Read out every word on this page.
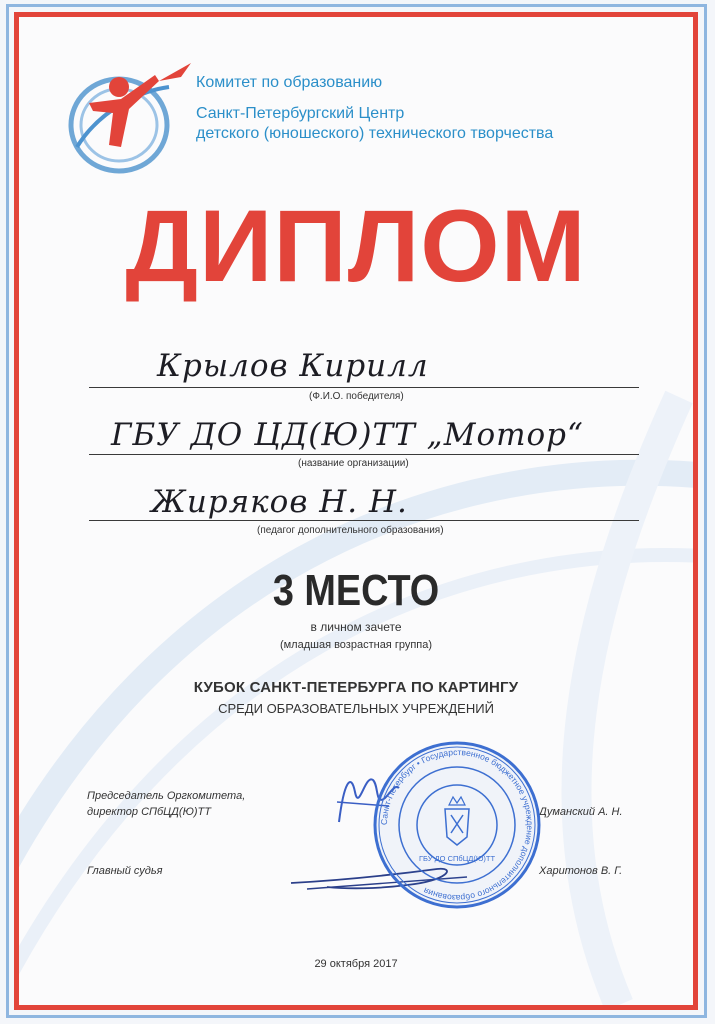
Комитет по образованию
Санкт-Петербургский Центр
детского (юношеского) технического творчества
ДИПЛОМ
Крылов Кирилл
(Ф.И.О. победителя)
ГБУ ДО ЦД(Ю)ТТ „Мотор“
(название организации)
Жиряков Н. Н.
(педагог дополнительного образования)
3 МЕСТО
в личном зачете
(младшая возрастная группа)
КУБОК САНКТ-ПЕТЕРБУРГА ПО КАРТИНГУ
СРЕДИ ОБРАЗОВАТЕЛЬНЫХ УЧРЕЖДЕНИЙ
Председатель Оргкомитета,
директор СПбЦД(Ю)ТТ	Думанский А. Н.
Главный судья	Харитонов В. Г.
Санкт-Петербург • Государственное бюджетное учреждение дополнительного образования
ГБУ ДО СПбЦД(Ю)ТТ
29 октября 2017
